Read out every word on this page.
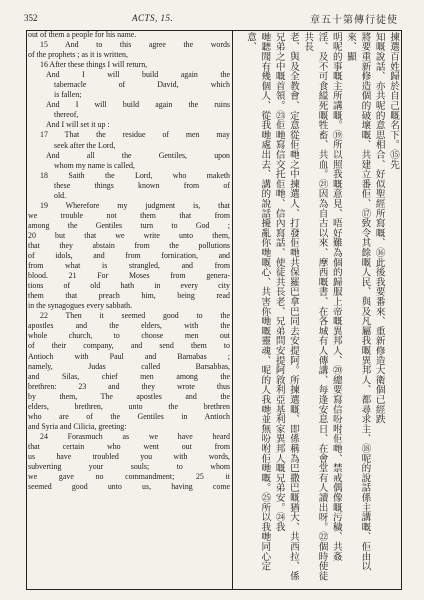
352	ACTS, 15.	章五十第傳行徒使
out of them a people for his name.
15 And to this agree the words
of the prophets ; as it is written,
16 After these things I will return,
And I will build again the
tabernacle of David, which
is fallen;
And I will build again the ruins
thereof,
And I will set it up :
17 That the residue of men may
seek after the Lord,
And all the Gentiles, upon
whom my name is called,
18 Saith the Lord, who maketh
these things known from of
old.
19 Wherefore my judgment is, that
we trouble not them that from
among the Gentiles turn to God ;
20 but that we write unto them,
that they abstain from the pollutions
of idols, and from fornication, and
from what is strangled, and from
blood. 21 For Moses from genera-
tions of old hath in every city
them that preach him, being read
in the synagogues every sabbath.
22 Then it seemed good to the
apostles and the elders, with the
whole church, to choose men out
of their company, and send them to
Antioch with Paul and Barnabas ;
namely, Judas called Barsabbas,
and Silas, chief men among the
brethren: 23 and they wrote thus
by them, The apostles and the
elders, brethren, unto the brethren
who are of the Gentiles in Antioch
and Syria and Cilicia, greeting:
24 Forasmuch as we have heard
that certain who went out from
us have troubled you with words,
subverting your souls; to whom
we gave no commandment; 25 it
seemed good unto us, having come
揀選百姓歸於自己嘅名下。⑮先
知嘅說話、亦共呢的意思相合、好似聖經所寫嘅、⑯此後我要番來、重新修造大衛個已經跌
將要重新修造個的破壞嘅、共建立番佢、⑰致令其餘嘅人民、與及凡屬我嘅異邦人、都尋求主、⑱呢的說話係主講嘅、佢由以來、顯
明呢的事嘅主所講嘅。⑲所以照我嘅意見、唔好難為個的歸服上帝嘅異邦人、⑳總要寫信吩咐佢哋、禁戒偶像嘅污穢、共姦
淫、及不可食縊死嘅牲畜、共血。㉑因為自古以來、摩西嘅書、在各城有人傳講、每逢安息日、在會堂有人讀出呀。㉒個時使徒共長
老、與及全教會、定意從佢哋之中揀選人、打發佢哋共保羅巴拿巴同去安提阿。所揀選嘅、即係稱為巴撒巴嘅猶大、共西拉、係
兄弟之中嘅首領。㉓佢哋寫信交托佢哋、信內寫話、使徒共長老、兄弟問安提阿敘利亞基利家異邦人嘅兄弟安。㉔我
哋聽聞有幾個人、從我哋處出去、講的說話擾亂你哋嘅心、共害你哋嘅靈魂、呢的人我哋並無吩咐佢哋嘅。㉕所以我哋同心定
意、
